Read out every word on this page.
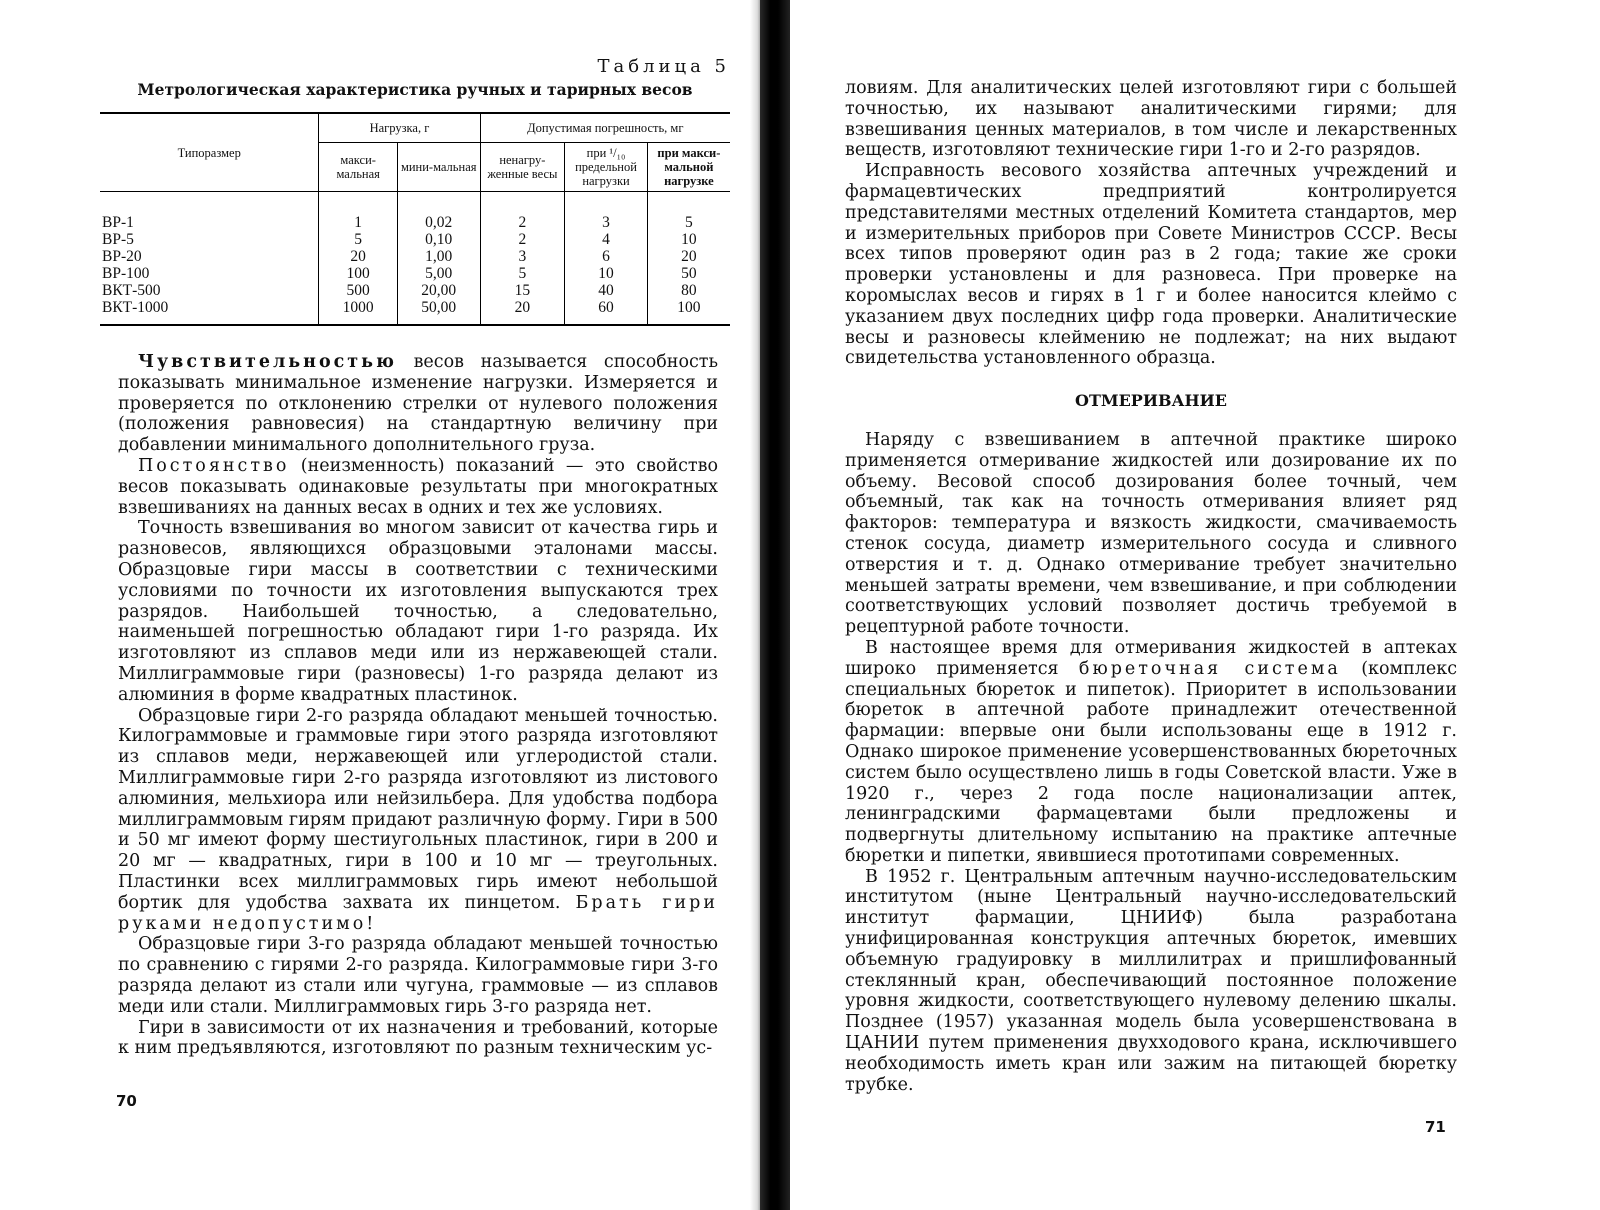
Таблица 5
Метрологическая характеристика ручных и тарирных весов
Типоразмер	Нагрузка, г		Допустимая погрешность, мг		
	макси-мальная	мини-мальная	ненагру-женные весы	при ¹/₁₀ предельной нагрузки	при макси-мальной нагрузке
ВР-1	1	0,02	2	3	5
ВР-5	5	0,10	2	4	10
ВР-20	20	1,00	3	6	20
ВР-100	100	5,00	5	10	50
ВКТ-500	500	20,00	15	40	80
ВКТ-1000	1000	50,00	20	60	100

Чувствительностью весов называется способность показывать минимальное изменение нагрузки. Измеряется и проверяется по отклонению стрелки от нулевого положения (положения равновесия) на стандартную величину при добавлении минимального дополнительного груза.

Постоянство (неизменность) показаний — это свойство весов показывать одинаковые результаты при многократных взвешиваниях на данных весах в одних и тех же условиях.

Точность взвешивания во многом зависит от качества гирь и разновесов, являющихся образцовыми эталонами массы. Образцовые гири массы в соответствии с техническими условиями по точности их изготовления выпускаются трех разрядов. Наибольшей точностью, а следовательно, наименьшей погрешностью обладают гири 1-го разряда. Их изготовляют из сплавов меди или из нержавеющей стали. Миллиграммовые гири (разновесы) 1-го разряда делают из алюминия в форме квадратных пластинок.

Образцовые гири 2-го разряда обладают меньшей точностью. Килограммовые и граммовые гири этого разряда изготовляют из сплавов меди, нержавеющей или углеродистой стали. Миллиграммовые гири 2-го разряда изготовляют из листового алюминия, мельхиора или нейзильбера. Для удобства подбора миллиграммовым гирям придают различную форму. Гири в 500 и 50 мг имеют форму шестиугольных пластинок, гири в 200 и 20 мг — квадратных, гири в 100 и 10 мг — треугольных. Пластинки всех миллиграммовых гирь имеют небольшой бортик для удобства захвата их пинцетом. Брать гири руками недопустимо!

Образцовые гири 3-го разряда обладают меньшей точностью по сравнению с гирями 2-го разряда. Килограммовые гири 3-го разряда делают из стали или чугуна, граммовые — из сплавов меди или стали. Миллиграммовых гирь 3-го разряда нет.

Гири в зависимости от их назначения и требований, которые к ним предъявляются, изготовляют по разным техническим ус-

70

ловиям. Для аналитических целей изготовляют гири с большей точностью, их называют аналитическими гирями; для взвешивания ценных материалов, в том числе и лекарственных веществ, изготовляют технические гири 1-го и 2-го разрядов.

Исправность весового хозяйства аптечных учреждений и фармацевтических предприятий контролируется представителями местных отделений Комитета стандартов, мер и измерительных приборов при Совете Министров СССР. Весы всех типов проверяют один раз в 2 года; такие же сроки проверки установлены и для разновеса. При проверке на коромыслах весов и гирях в 1 г и более наносится клеймо с указанием двух последних цифр года проверки. Аналитические весы и разновесы клеймению не подлежат; на них выдают свидетельства установленного образца.

ОТМЕРИВАНИЕ

Наряду с взвешиванием в аптечной практике широко применяется отмеривание жидкостей или дозирование их по объему. Весовой способ дозирования более точный, чем объемный, так как на точность отмеривания влияет ряд факторов: температура и вязкость жидкости, смачиваемость стенок сосуда, диаметр измерительного сосуда и сливного отверстия и т. д. Однако отмеривание требует значительно меньшей затраты времени, чем взвешивание, и при соблюдении соответствующих условий позволяет достичь требуемой в рецептурной работе точности.

В настоящее время для отмеривания жидкостей в аптеках широко применяется бюреточная система (комплекс специальных бюреток и пипеток). Приоритет в использовании бюреток в аптечной работе принадлежит отечественной фармации: впервые они были использованы еще в 1912 г. Однако широкое применение усовершенствованных бюреточных систем было осуществлено лишь в годы Советской власти. Уже в 1920 г., через 2 года после национализации аптек, ленинградскими фармацевтами были предложены и подвергнуты длительному испытанию на практике аптечные бюретки и пипетки, явившиеся прототипами современных.

В 1952 г. Центральным аптечным научно-исследовательским институтом (ныне Центральный научно-исследовательский институт фармации, ЦНИИФ) была разработана унифицированная конструкция аптечных бюреток, имевших объемную градуировку в миллилитрах и пришлифованный стеклянный кран, обеспечивающий постоянное положение уровня жидкости, соответствующего нулевому делению шкалы. Позднее (1957) указанная модель была усовершенствована в ЦАНИИ путем применения двухходового крана, исключившего необходимость иметь кран или зажим на питающей бюретку трубке.

71
